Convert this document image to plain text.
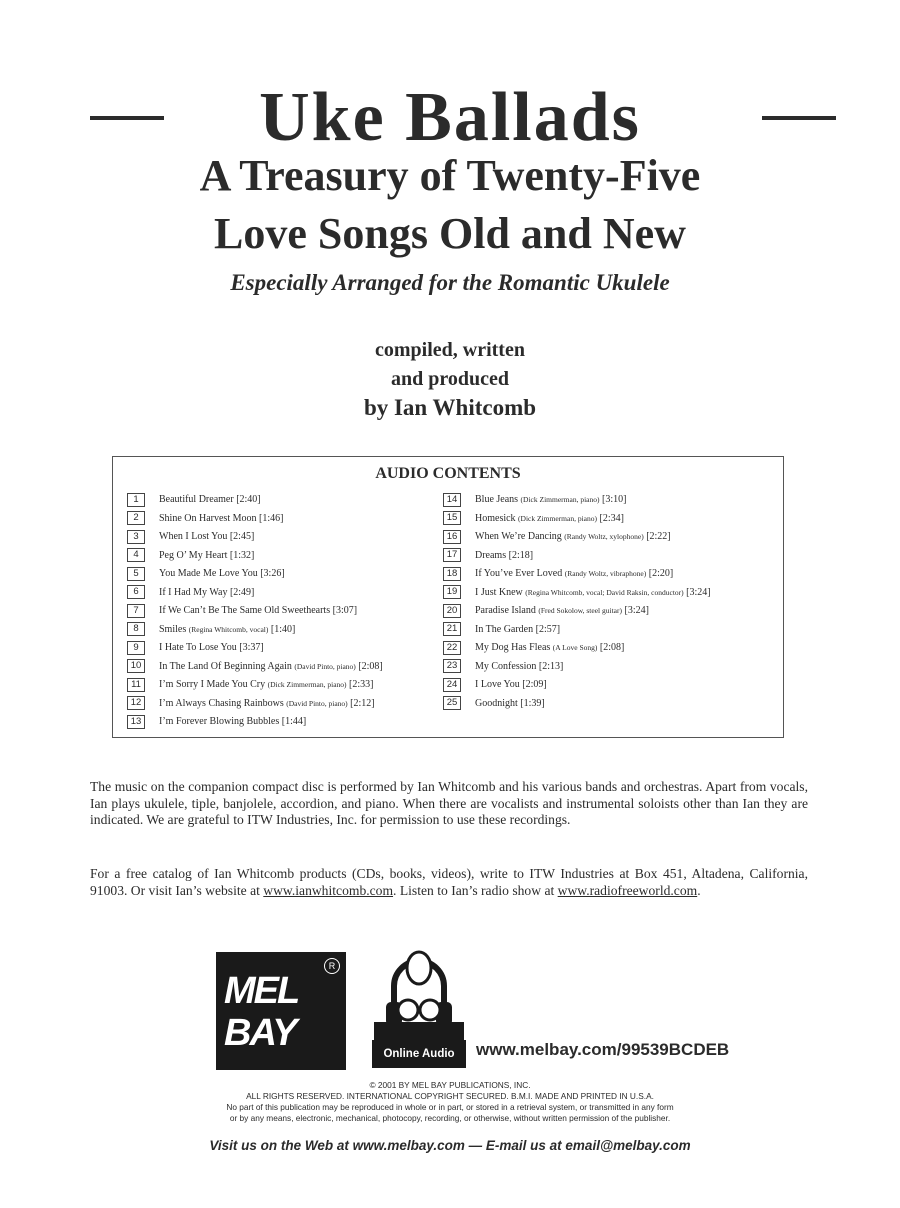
Uke Ballads
A Treasury of Twenty-Five
Love Songs Old and New
Especially Arranged for the Romantic Ukulele
compiled, written
and produced
by Ian Whitcomb
AUDIO CONTENTS
1 Beautiful Dreamer [2:40]
2 Shine On Harvest Moon [1:46]
3 When I Lost You [2:45]
4 Peg O’ My Heart [1:32]
5 You Made Me Love You [3:26]
6 If I Had My Way [2:49]
7 If We Can’t Be The Same Old Sweethearts [3:07]
8 Smiles (Regina Whitcomb, vocal) [1:40]
9 I Hate To Lose You [3:37]
10 In The Land Of Beginning Again (David Pinto, piano) [2:08]
11 I’m Sorry I Made You Cry (Dick Zimmerman, piano) [2:33]
12 I’m Always Chasing Rainbows (David Pinto, piano) [2:12]
13 I’m Forever Blowing Bubbles [1:44]
14 Blue Jeans (Dick Zimmerman, piano) [3:10]
15 Homesick (Dick Zimmerman, piano) [2:34]
16 When We’re Dancing (Randy Woltz, xylophone) [2:22]
17 Dreams [2:18]
18 If You’ve Ever Loved (Randy Woltz, vibraphone) [2:20]
19 I Just Knew (Regina Whitcomb, vocal; David Raksin, conductor) [3:24]
20 Paradise Island (Fred Sokolow, steel guitar) [3:24]
21 In The Garden [2:57]
22 My Dog Has Fleas (A Love Song) [2:08]
23 My Confession [2:13]
24 I Love You [2:09]
25 Goodnight [1:39]
The music on the companion compact disc is performed by Ian Whitcomb and his various bands and orchestras. Apart from vocals, Ian plays ukulele, tiple, banjolele, accordion, and piano. When there are vocalists and instrumental soloists other than Ian they are indicated. We are grateful to ITW Industries, Inc. for permission to use these recordings.
For a free catalog of Ian Whitcomb products (CDs, books, videos), write to ITW Industries at Box 451, Altadena, California, 91003. Or visit Ian’s website at www.ianwhitcomb.com. Listen to Ian’s radio show at www.radiofreeworld.com.
MEL
BAY
R
Online Audio	www.melbay.com/99539BCDEB
© 2001 BY MEL BAY PUBLICATIONS, INC.
ALL RIGHTS RESERVED. INTERNATIONAL COPYRIGHT SECURED. B.M.I. MADE AND PRINTED IN U.S.A.
No part of this publication may be reproduced in whole or in part, or stored in a retrieval system, or transmitted in any form
or by any means, electronic, mechanical, photocopy, recording, or otherwise, without written permission of the publisher.
Visit us on the Web at www.melbay.com — E-mail us at email@melbay.com
